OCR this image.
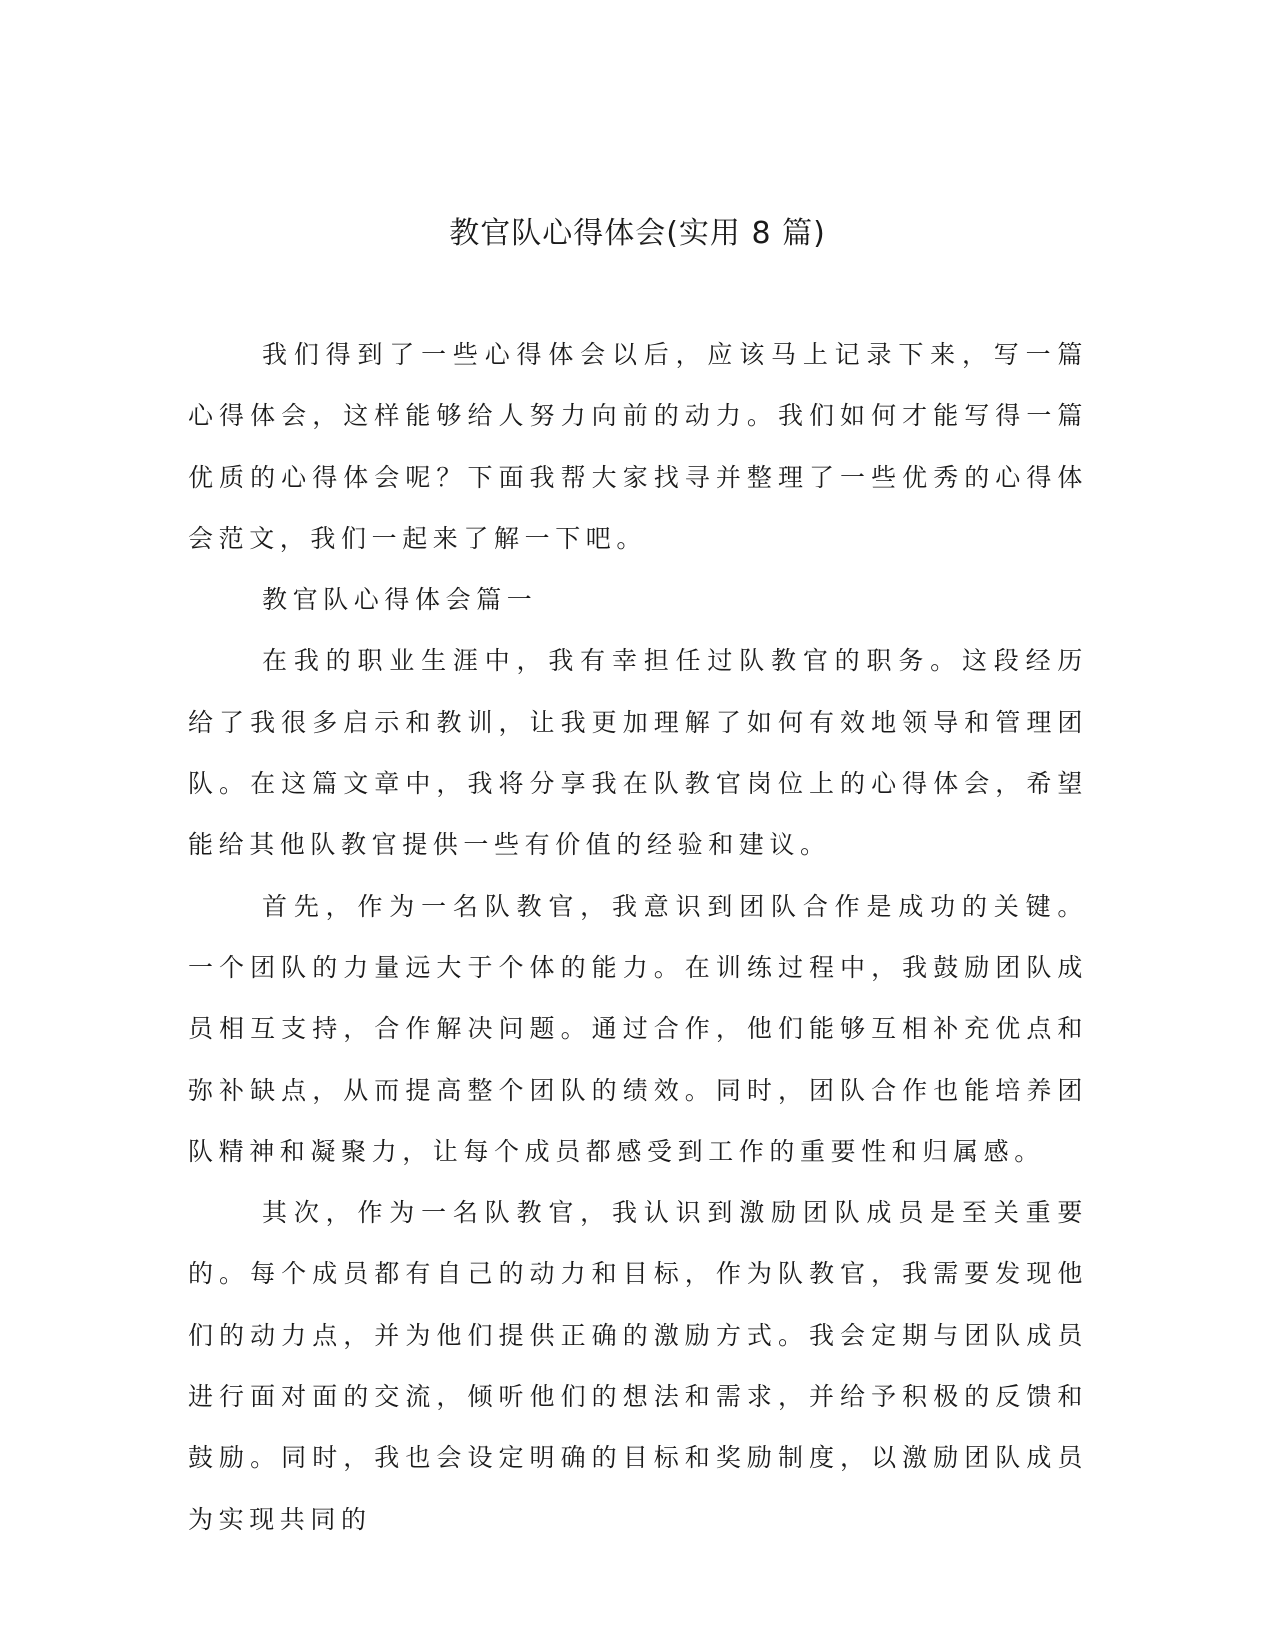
教官队心得体会(实用 8 篇)

我们得到了一些心得体会以后，应该马上记录下来，写一篇心得体会，这样能够给人努力向前的动力。我们如何才能写得一篇优质的心得体会呢？下面我帮大家找寻并整理了一些优秀的心得体会范文，我们一起来了解一下吧。

教官队心得体会篇一

在我的职业生涯中，我有幸担任过队教官的职务。这段经历给了我很多启示和教训，让我更加理解了如何有效地领导和管理团队。在这篇文章中，我将分享我在队教官岗位上的心得体会，希望能给其他队教官提供一些有价值的经验和建议。

首先，作为一名队教官，我意识到团队合作是成功的关键。一个团队的力量远大于个体的能力。在训练过程中，我鼓励团队成员相互支持，合作解决问题。通过合作，他们能够互相补充优点和弥补缺点，从而提高整个团队的绩效。同时，团队合作也能培养团队精神和凝聚力，让每个成员都感受到工作的重要性和归属感。

其次，作为一名队教官，我认识到激励团队成员是至关重要的。每个成员都有自己的动力和目标，作为队教官，我需要发现他们的动力点，并为他们提供正确的激励方式。我会定期与团队成员进行面对面的交流，倾听他们的想法和需求，并给予积极的反馈和鼓励。同时，我也会设定明确的目标和奖励制度，以激励团队成员为实现共同的
